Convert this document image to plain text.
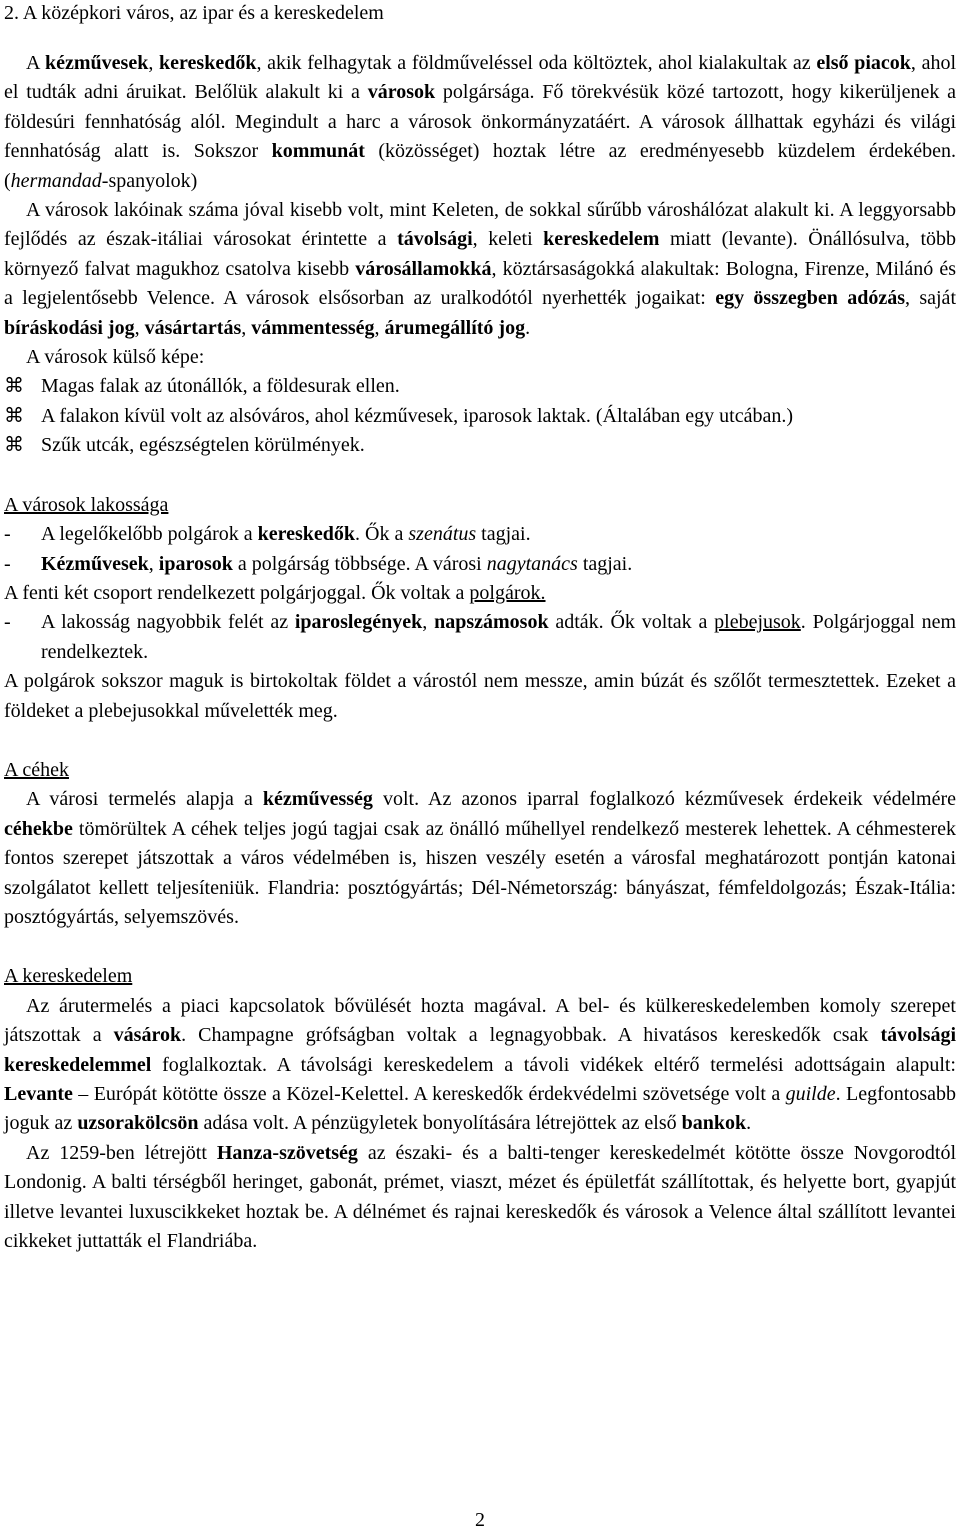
2. A középkori város, az ipar és a kereskedelem

A kézművesek, kereskedők, akik felhagytak a földműveléssel oda költöztek, ahol kialakultak az első piacok, ahol el tudták adni áruikat. Belőlük alakult ki a városok polgársága. Fő törekvésük közé tartozott, hogy kikerüljenek a földesúri fennhatóság alól. Megindult a harc a városok önkormányzatáért. A városok állhattak egyházi és világi fennhatóság alatt is. Sokszor kommunát (közösséget) hoztak létre az eredményesebb küzdelem érdekében. (hermandad-spanyolok)

A városok lakóinak száma jóval kisebb volt, mint Keleten, de sokkal sűrűbb városhálózat alakult ki. A leggyorsabb fejlődés az észak-itáliai városokat érintette a távolsági, keleti kereskedelem miatt (levante). Önállósulva, több környező falvat magukhoz csatolva kisebb városállamokká, köztársaságokká alakultak: Bologna, Firenze, Milánó és a legjelentősebb Velence. A városok elsősorban az uralkodótól nyerhették jogaikat: egy összegben adózás, saját bíráskodási jog, vásártartás, vámmentesség, árumegállító jog.

A városok külső képe:

⌘ Magas falak az útonállók, a földesurak ellen.
⌘ A falakon kívül volt az alsóváros, ahol kézművesek, iparosok laktak. (Általában egy utcában.)
⌘ Szűk utcák, egészségtelen körülmények.

A városok lakossága

-	A legelőkelőbb polgárok a kereskedők. Ők a szenátus tagjai.
-	Kézművesek, iparosok a polgárság többsége. A városi nagytanács tagjai.

A fenti két csoport rendelkezett polgárjoggal. Ők voltak a polgárok.

-	A lakosság nagyobbik felét az iparoslegények, napszámosok adták. Ők voltak a plebejusok. Polgárjoggal nem rendelkeztek.

A polgárok sokszor maguk is birtokoltak földet a várostól nem messze, amin búzát és szőlőt termesztettek. Ezeket a földeket a plebejusokkal művelették meg.

A céhek

A városi termelés alapja a kézművesség volt. Az azonos iparral foglalkozó kézművesek érdekeik védelmére céhekbe tömörültek A céhek teljes jogú tagjai csak az önálló műhellyel rendelkező mesterek lehettek. A céhmesterek fontos szerepet játszottak a város védelmében is, hiszen veszély esetén a városfal meghatározott pontján katonai szolgálatot kellett teljesíteniük. Flandria: posztógyártás; Dél-Németország: bányászat, fémfeldolgozás; Észak-Itália: posztógyártás, selyemszövés.

A kereskedelem

Az árutermelés a piaci kapcsolatok bővülését hozta magával. A bel- és külkereskedelemben komoly szerepet játszottak a vásárok. Champagne grófságban voltak a legnagyobbak. A hivatásos kereskedők csak távolsági kereskedelemmel foglalkoztak. A távolsági kereskedelem a távoli vidékek eltérő termelési adottságain alapult: Levante – Európát kötötte össze a Közel-Kelettel. A kereskedők érdekvédelmi szövetsége volt a guilde. Legfontosabb joguk az uzsorakölcsön adása volt. A pénzügyletek bonyolítására létrejöttek az első bankok.

Az 1259-ben létrejött Hanza-szövetség az északi- és a balti-tenger kereskedelmét kötötte össze Novgorodtól Londonig. A balti térségből heringet, gabonát, prémet, viaszt, mézet és épületfát szállítottak, és helyette bort, gyapjút illetve levantei luxuscikkeket hoztak be. A délnémet és rajnai kereskedők és városok a Velence által szállított levantei cikkeket juttatták el Flandriába.

2
